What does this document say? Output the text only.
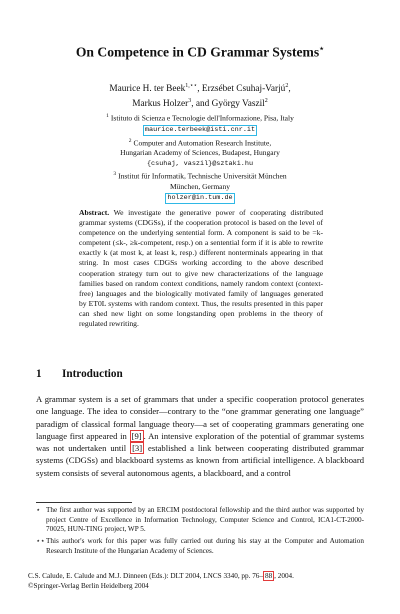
On Competence in CD Grammar Systems⋆
Maurice H. ter Beek$^{1,⋆⋆}$, Erzsébet Csuhaj-Varjú$^2$,
Markus Holzer$^3$, and György Vaszil$^2$
$^1$ Istituto di Scienza e Tecnologie dell'Informazione, Pisa, Italy
maurice.terbeek@isti.cnr.it
$^2$ Computer and Automation Research Institute,
Hungarian Academy of Sciences, Budapest, Hungary
{csuhaj, vaszil}@sztaki.hu
$^3$ Institut für Informatik, Technische Universität München
München, Germany
holzer@in.tum.de
Abstract. We investigate the generative power of cooperating distributed grammar systems (CDGSs), if the cooperation protocol is based on the level of competence on the underlying sentential form. A component is said to be =k-competent (≤k-, ≥k-competent, resp.) on a sentential form if it is able to rewrite exactly k (at most k, at least k, resp.) different nonterminals appearing in that string. In most cases CDGSs working according to the above described cooperation strategy turn out to give new characterizations of the language families based on random context conditions, namely random context (context-free) languages and the biologically motivated family of languages generated by ET0L systems with random context. Thus, the results presented in this paper can shed new light on some longstanding open problems in the theory of regulated rewriting.
1 Introduction
A grammar system is a set of grammars that under a specific cooperation protocol generates one language. The idea to consider—contrary to the “one grammar generating one language” paradigm of classical formal language theory—a set of cooperating grammars generating one language first appeared in [9] . An intensive exploration of the potential of grammar systems was not undertaken until [3] established a link between cooperating distributed grammar systems (CDGSs) and blackboard systems as known from artificial intelligence. A blackboard system consists of several autonomous agents, a blackboard, and a control
⋆ The first author was supported by an ERCIM postdoctoral fellowship and the third author was supported by project Centre of Excellence in Information Technology, Computer Science and Control, ICA1-CT-2000-70025, HUN-TING project, WP 5.
⋆⋆ This author's work for this paper was fully carried out during his stay at the Computer and Automation Research Institute of the Hungarian Academy of Sciences.
C.S. Calude, E. Calude and M.J. Dinneen (Eds.): DLT 2004, LNCS 3340, pp. 76– 88 , 2004.
©Springer-Verlag Berlin Heidelberg 2004
